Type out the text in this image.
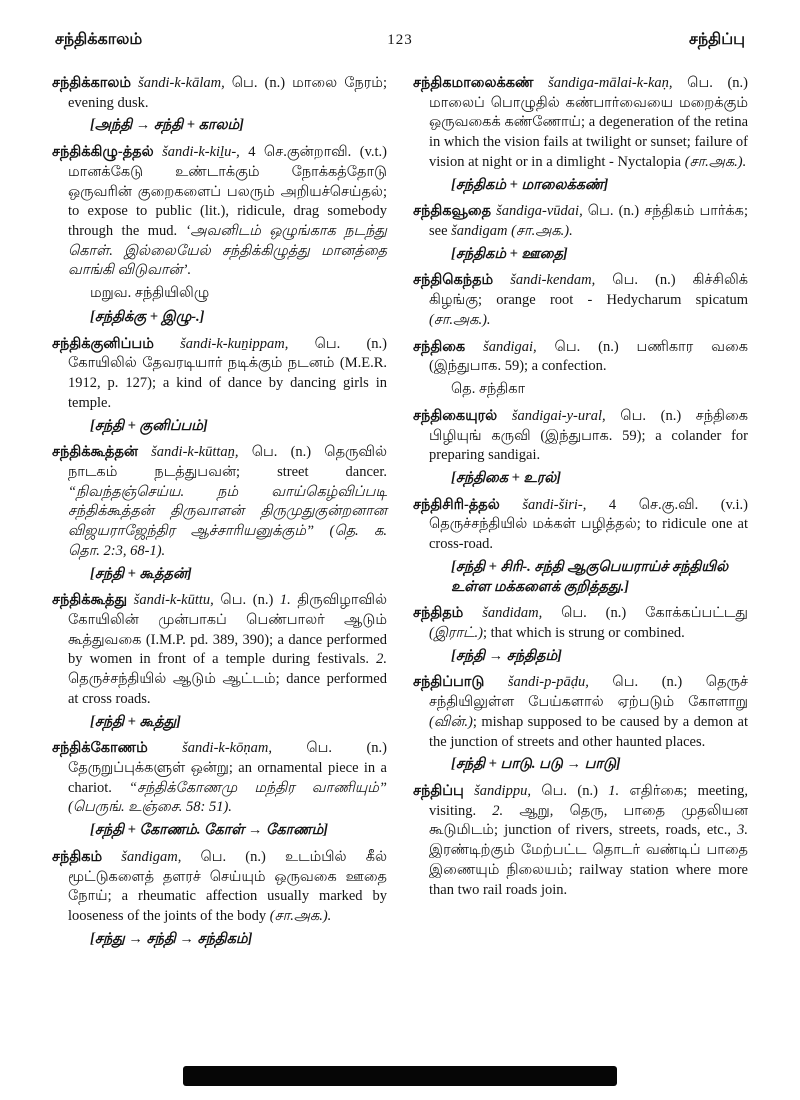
சந்திக்காலம்	123	சந்திப்பு

சந்திக்காலம் šandi-k-kālam, பெ. (n.) மாலை நேரம்; evening dusk.

[அந்தி → சந்தி + காலம்]

சந்திக்கிழு-த்தல் šandi-k-kiḻu-, 4 செ.குன்றாவி. (v.t.) மானக்கேடு உண்டாக்கும் நோக்கத்தோடு ஒருவரின் குறைகளைப் பலரும் அறியச்செய்தல்; to expose to public (lit.), ridicule, drag somebody through the mud. ‘அவனிடம் ஒழுங்காக நடந்து கொள். இல்லையேல் சந்திக்கிழுத்து மானத்தை வாங்கி விடுவான்’.

மறுவ. சந்தியிலிழு

[சந்திக்கு + இழு-.]

சந்திக்குனிப்பம் šandi-k-kuṉippam, பெ. (n.) கோயிலில் தேவரடியார் நடிக்கும் நடனம் (M.E.R. 1912, p. 127); a kind of dance by dancing girls in temple.

[சந்தி + குனிப்பம்]

சந்திக்கூத்தன் šandi-k-kūttaṉ, பெ. (n.) தெருவில் நாடகம் நடத்துபவன்; street dancer. “நிவந்தஞ்செய்ய. நம் வாய்கெழ்விப்படி சந்திக்கூத்தன் திருவாளன் திருமுதுகுன்றனான விஜயராஜேந்திர ஆச்சாரியனுக்கும்” (தெ. க. தொ. 2:3, 68-1).

[சந்தி + கூத்தன்]

சந்திக்கூத்து šandi-k-kūttu, பெ. (n.) 1. திருவிழாவில் கோயிலின் முன்பாகப் பெண்பாலர் ஆடும் கூத்துவகை (I.M.P. pd. 389, 390); a dance performed by women in front of a temple during festivals. 2. தெருச்சந்தியில் ஆடும் ஆட்டம்; dance performed at cross roads.

[சந்தி + கூத்து]

சந்திக்கோணம் šandi-k-kōṇam, பெ. (n.) தேருறுப்புக்களுள் ஒன்று; an ornamental piece in a chariot. “சந்திக்கோணமு மந்திர வாணியும்” (பெருங். உஞ்சை. 58: 51).

[சந்தி + கோணம். கோள் → கோணம்]

சந்திகம் šandigam, பெ. (n.) உடம்பில் கீல் மூட்டுகளைத் தளரச் செய்யும் ஒருவகை ஊதை நோய்; a rheumatic affection usually marked by looseness of the joints of the body (சா.அக.).

[சந்து → சந்தி → சந்திகம்]

சந்திகமாலைக்கண் šandiga-mālai-k-kaṇ, பெ. (n.) மாலைப் பொழுதில் கண்பார்வையை மறைக்கும் ஒருவகைக் கண்ணோய்; a degeneration of the retina in which the vision fails at twilight or sunset; failure of vision at night or in a dimlight - Nyctalopia (சா.அக.).

[சந்திகம் + மாலைக்கண்]

சந்திகவூதை šandiga-vūdai, பெ. (n.) சந்திகம் பார்க்க; see šandigam (சா.அக.).

[சந்திகம் + ஊதை]

சந்திகெந்தம் šandi-kendam, பெ. (n.) கிச்சிலிக் கிழங்கு; orange root - Hedycharum spicatum (சா.அக.).

சந்திகை šandigai, பெ. (n.) பணிகார வகை (இந்துபாக. 59); a confection.

தெ. சந்திகா

சந்திகையுரல் šandigai-y-ural, பெ. (n.) சந்திகை பிழியுங் கருவி (இந்துபாக. 59); a colander for preparing sandigai.

[சந்திகை + உரல்]

சந்திசிரி-த்தல் šandi-širi-, 4 செ.கு.வி. (v.i.) தெருச்சந்தியில் மக்கள் பழித்தல்; to ridicule one at cross-road.

[சந்தி + சிரி-. சந்தி ஆகுபெயராய்ச் சந்தியில் உள்ள மக்களைக் குறித்தது.]

சந்திதம் šandidam, பெ. (n.) கோக்கப்பட்டது (இராட்.); that which is strung or combined.

[சந்தி → சந்திதம்]

சந்திப்பாடு šandi-p-pāḍu, பெ. (n.) தெருச் சந்தியிலுள்ள பேய்களால் ஏற்படும் கோளாறு (வின்.); mishap supposed to be caused by a demon at the junction of streets and other haunted places.

[சந்தி + பாடு. படு → பாடு]

சந்திப்பு šandippu, பெ. (n.) 1. எதிர்கை; meeting, visiting. 2. ஆறு, தெரு, பாதை முதலியன கூடுமிடம்; junction of rivers, streets, roads, etc., 3. இரண்டிற்கும் மேற்பட்ட தொடர் வண்டிப் பாதை இணையும் நிலையம்; railway station where more than two rail roads join.
